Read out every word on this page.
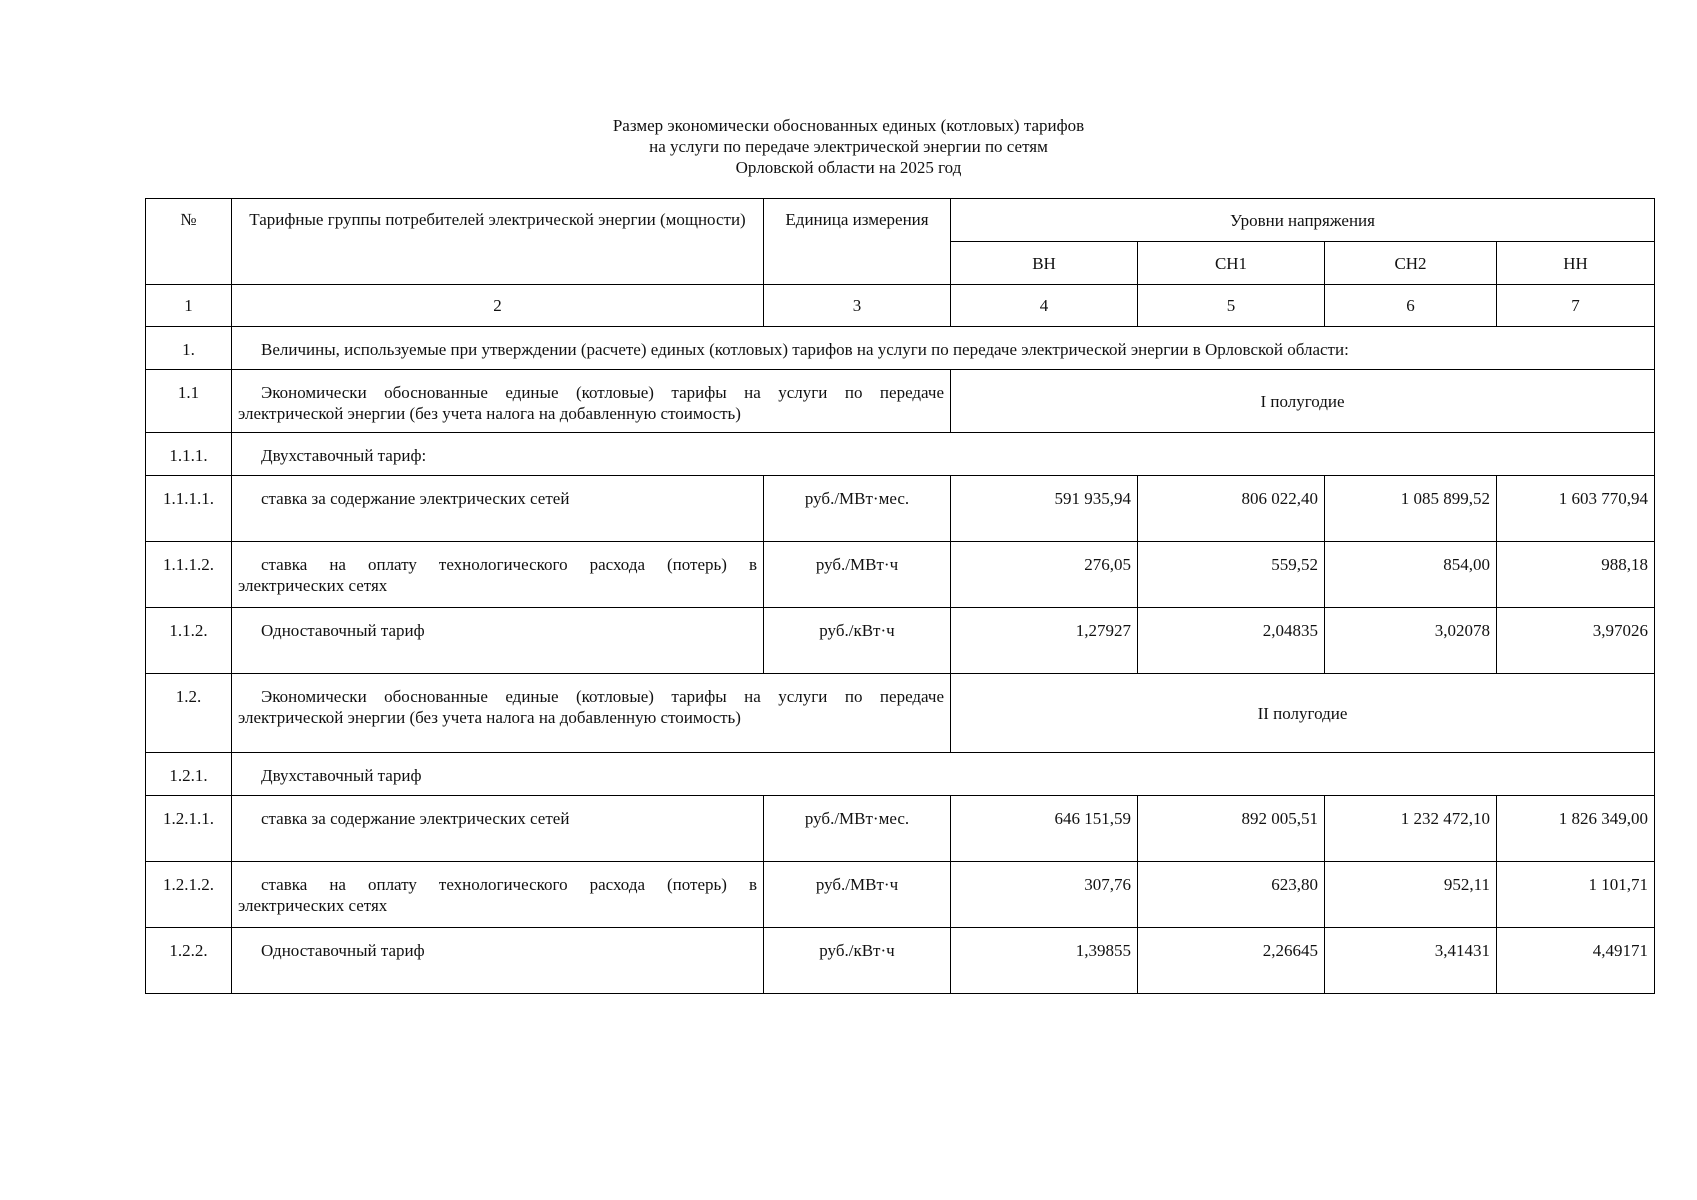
Размер экономически обоснованных единых (котловых) тарифов
на услуги по передаче электрической энергии по сетям
Орловской области на 2025 год
№	Тарифные группы потребителей электрической энергии (мощности)	Единица измерения	Уровни напряжения			
			ВН	СН1	СН2	НН
1	2	3	4	5	6	7
1.	Величины, используемые при утверждении (расчете) единых (котловых) тарифов на услуги по передаче электрической энергии в Орловской области:					
1.1	Экономически обоснованные единые (котловые) тарифы на услуги по передаче электрической энергии (без учета налога на добавленную стоимость)		I полугодие			
1.1.1.	Двухставочный тариф:					
1.1.1.1.	ставка за содержание электрических сетей	руб./МВт·мес.	591 935,94	806 022,40	1 085 899,52	1 603 770,94
1.1.1.2.	ставка на оплату технологического расхода (потерь) в электрических сетях	руб./МВт·ч	276,05	559,52	854,00	988,18
1.1.2.	Одноставочный тариф	руб./кВт·ч	1,27927	2,04835	3,02078	3,97026
1.2.	Экономически обоснованные единые (котловые) тарифы на услуги по передаче электрической энергии (без учета налога на добавленную стоимость)		II полугодие			
1.2.1.	Двухставочный тариф					
1.2.1.1.	ставка за содержание электрических сетей	руб./МВт·мес.	646 151,59	892 005,51	1 232 472,10	1 826 349,00
1.2.1.2.	ставка на оплату технологического расхода (потерь) в электрических сетях	руб./МВт·ч	307,76	623,80	952,11	1 101,71
1.2.2.	Одноставочный тариф	руб./кВт·ч	1,39855	2,26645	3,41431	4,49171
